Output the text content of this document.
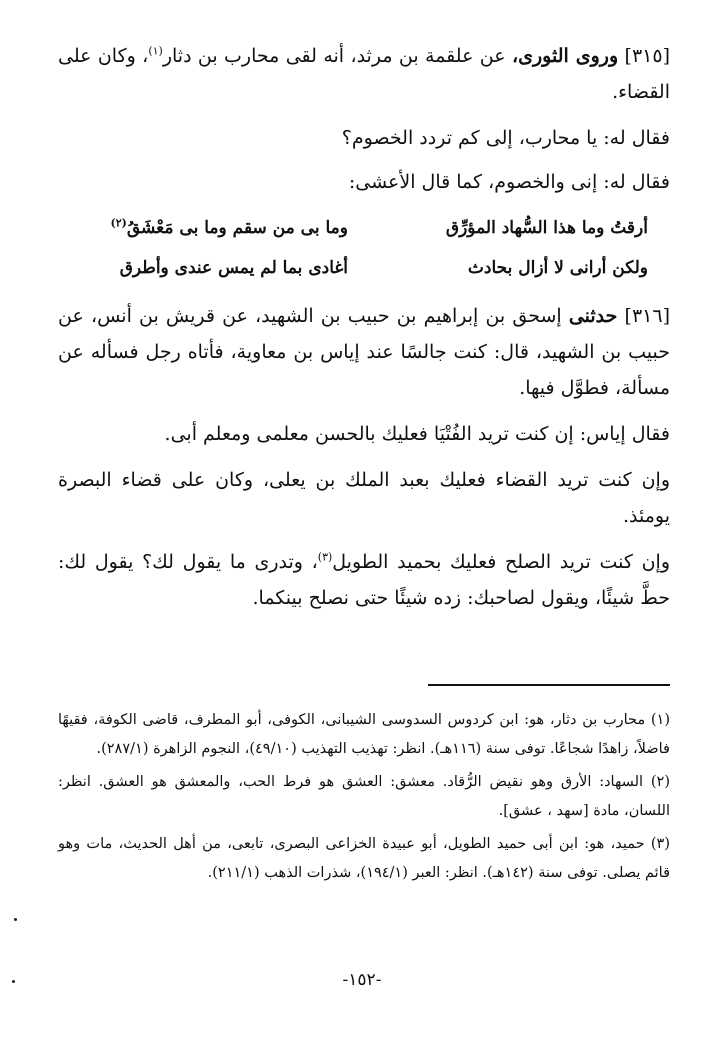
[٣١٥] وروى الثورى، عن علقمة بن مرثد، أنه لقى محارب بن دثار$^{(١)}$، وكان على القضاء.

فقال له: يا محارب، إلى كم تردد الخصوم؟

فقال له: إنى والخصوم، كما قال الأعشى:

أرقتُ وما هذا السُّهاد المؤرِّق
وما بى من سقم وما بى مَعْشَقُ$^{(٢)}$
ولكن أرانى لا أزال بحادث
أغادى بما لم يمس عندى وأطرق

[٣١٦] حدثنى إسحق بن إبراهيم بن حبيب بن الشهيد، عن قريش بن أنس، عن حبيب بن الشهيد، قال: كنت جالسًا عند إياس بن معاوية، فأتاه رجل فسأله عن مسألة، فطوَّل فيها.

فقال إياس: إن كنت تريد الفُتْيَا فعليك بالحسن معلمى ومعلم أبى.

وإن كنت تريد القضاء فعليك بعبد الملك بن يعلى، وكان على قضاء البصرة يومئذ.

وإن كنت تريد الصلح فعليك بحميد الطويل$^{(٣)}$، وتدرى ما يقول لك؟ يقول لك: حطَّ شيئًا، ويقول لصاحبك: زده شيئًا حتى نصلح بينكما.

(١) محارب بن دثار، هو: ابن كردوس السدوسى الشيبانى، الكوفى، أبو المطرف، قاضى الكوفة، فقيهًا فاضلاً، زاهدًا شجاعًا. توفى سنة (١١٦هـ). انظر: تهذيب التهذيب (٤٩/١٠)، النجوم الزاهرة (٢٨٧/١).

(٢) السهاد: الأرق وهو نقيض الرُّقاد. معشق: العشق هو فرط الحب، والمعشق هو العشق. انظر: اللسان، مادة [سهد ، عشق].

(٣) حميد، هو: ابن أبى حميد الطويل، أبو عبيدة الخزاعى البصرى، تابعى، من أهل الحديث، مات وهو قائم يصلى. توفى سنة (١٤٢هـ). انظر: العبر (١٩٤/١)، شذرات الذهب (٢١١/١).

-١٥٢-
